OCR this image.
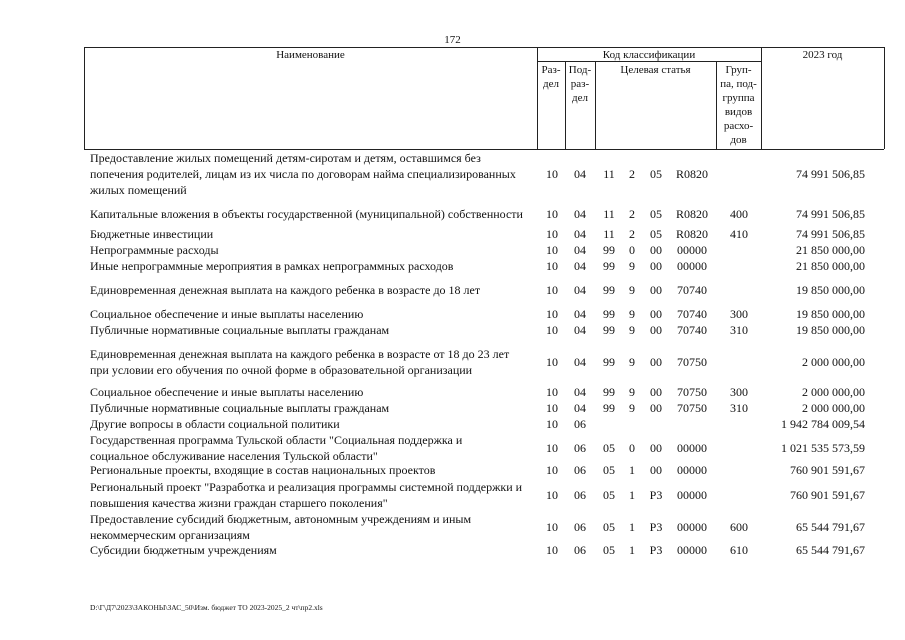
172
Наименование	Код классификации	2023 год
Раз-
дел
Под-
раз-
дел
Целевая статья	Груп-
па, под-
группа
видов
расхо-
дов
Предоставление жилых помещений детям-сиротам и детям, оставшимся без
попечения родителей, лицам из их числа по договорам найма специализированных
жилых помещений
10	04	11	2	05	R0820	74 991 506,85
Капитальные вложения в объекты государственной (муниципальной) собственности	10	04	11	2	05	R0820	400	74 991 506,85
Бюджетные инвестиции	10	04	11	2	05	R0820	410	74 991 506,85
Непрограммные расходы	10	04	99	0	00	00000	21 850 000,00
Иные непрограммные мероприятия в рамках непрограммных расходов	10	04	99	9	00	00000	21 850 000,00
Единовременная денежная выплата на каждого ребенка в возрасте до 18 лет	10	04	99	9	00	70740	19 850 000,00
Социальное обеспечение и иные выплаты населению	10	04	99	9	00	70740	300	19 850 000,00
Публичные нормативные социальные выплаты гражданам	10	04	99	9	00	70740	310	19 850 000,00
Единовременная денежная выплата на каждого ребенка в возрасте от 18 до 23 лет
при условии его обучения по очной форме в образовательной организации
10	04	99	9	00	70750	2 000 000,00
Социальное обеспечение и иные выплаты населению	10	04	99	9	00	70750	300	2 000 000,00
Публичные нормативные социальные выплаты гражданам	10	04	99	9	00	70750	310	2 000 000,00
Другие вопросы в области социальной политики	10	06	1 942 784 009,54
Государственная программа Тульской области "Социальная поддержка и
социальное обслуживание населения Тульской области"
10	06	05	0	00	00000	1 021 535 573,59
Региональные проекты, входящие в состав национальных проектов	10	06	05	1	00	00000	760 901 591,67
Региональный проект "Разработка и реализация программы системной поддержки и
повышения качества жизни граждан старшего поколения"
10	06	05	1	P3	00000	760 901 591,67
Предоставление субсидий бюджетным, автономным учреждениям и иным
некоммерческим организациям
10	06	05	1	P3	00000	600	65 544 791,67
Субсидии бюджетным учреждениям	10	06	05	1	P3	00000	610	65 544 791,67
D:\Г\Д7\2023\ЗАКОНЫ\ЗАС_50\Изм. бюджет ТО 2023-2025_2 чт\пр2.xls
